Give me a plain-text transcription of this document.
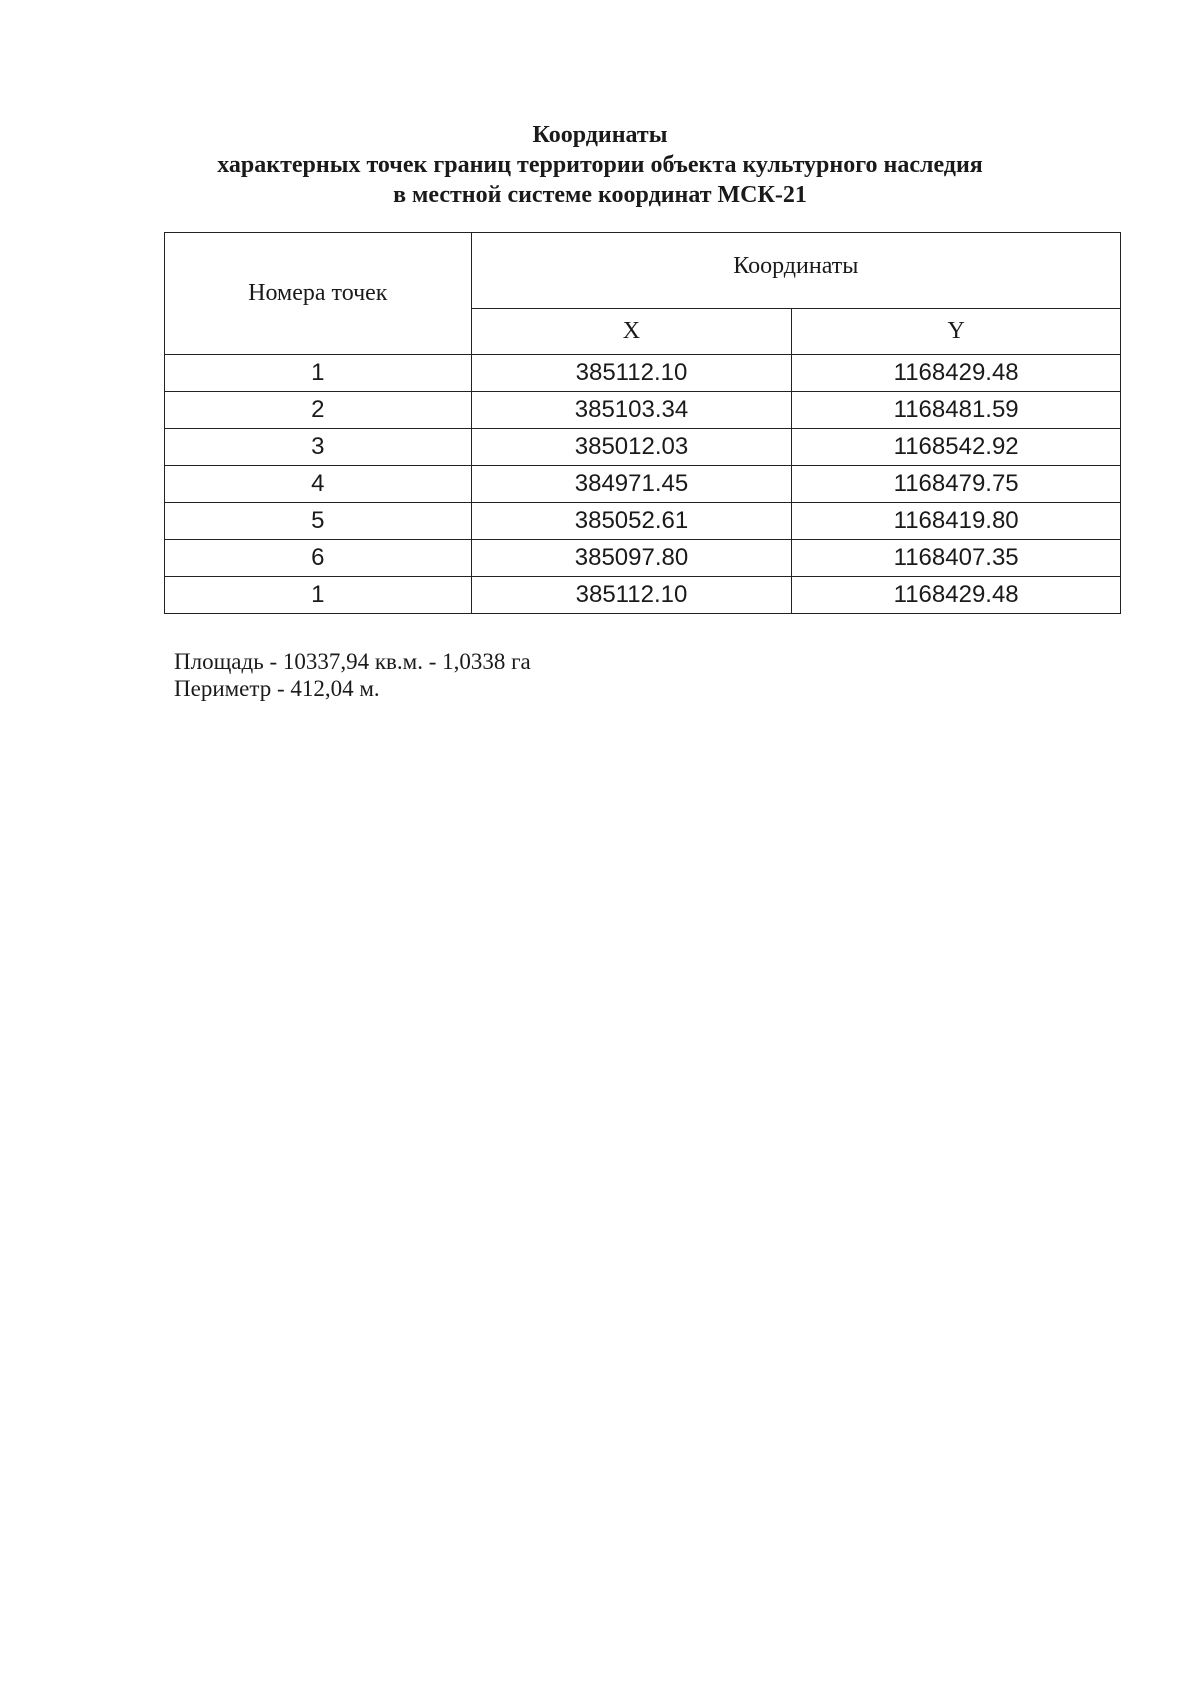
Координаты
характерных точек границ территории объекта культурного наследия
в местной системе координат МСК-21
Номера точек	Координаты	
	X	Y
1	385112.10	1168429.48
2	385103.34	1168481.59
3	385012.03	1168542.92
4	384971.45	1168479.75
5	385052.61	1168419.80
6	385097.80	1168407.35
1	385112.10	1168429.48
Площадь - 10337,94 кв.м. - 1,0338 га
Периметр - 412,04 м.
